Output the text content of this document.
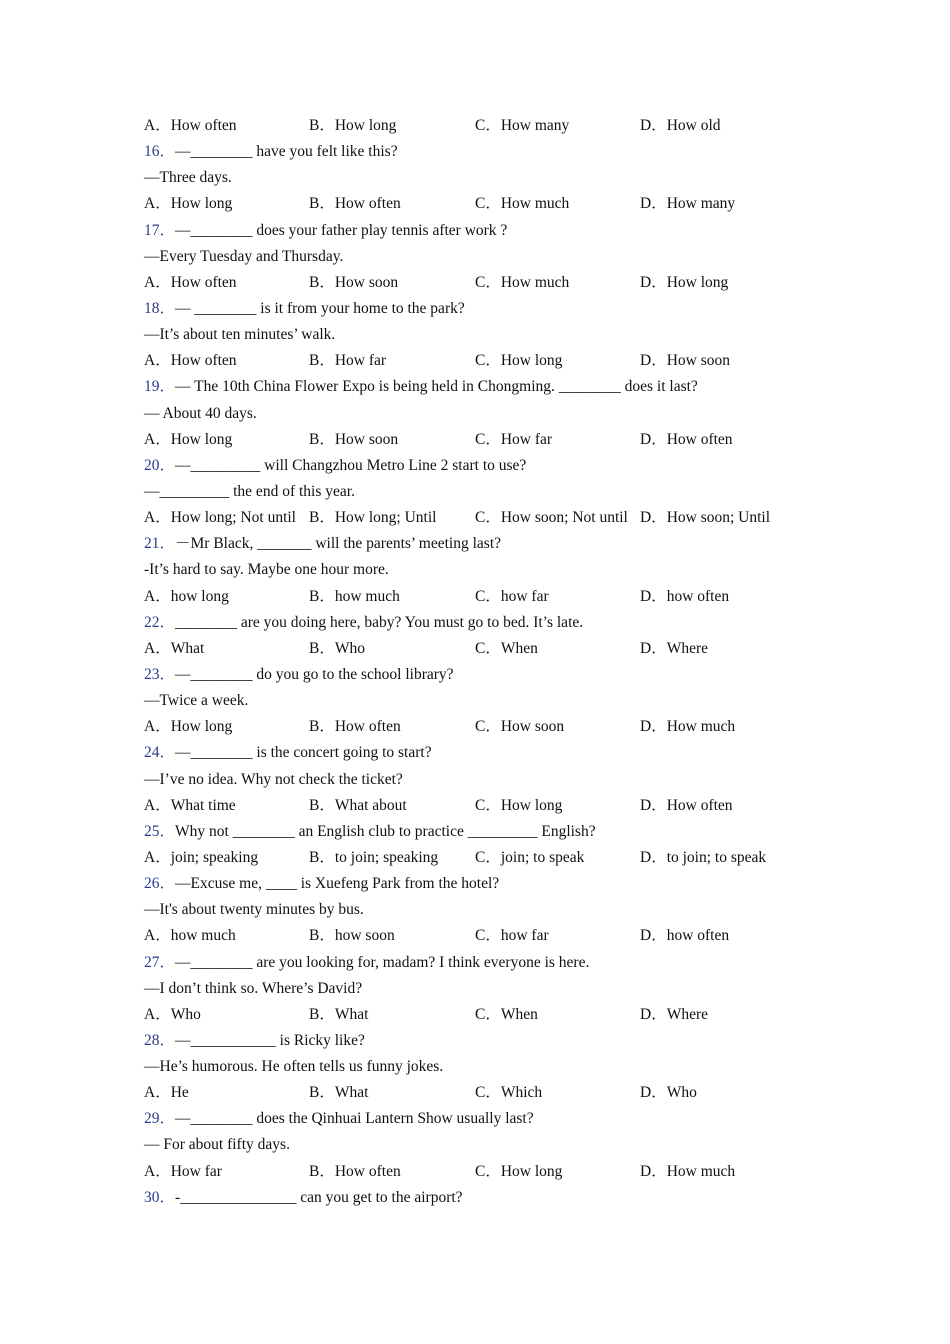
A．How often	B．How long	C．How many	D．How old
16．—________ have you felt like this?
—Three days.
A．How long	B．How often	C．How much	D．How many
17．—________ does your father play tennis after work ?
—Every Tuesday and Thursday.
A．How often	B．How soon	C．How much	D．How long
18．— ________ is it from your home to the park?
—It’s about ten minutes’ walk.
A．How often	B．How far	C．How long	D．How soon
19．— The 10th China Flower Expo is being held in Chongming. ________ does it last?
— About 40 days.
A．How long	B．How soon	C．How far	D．How often
20．—_________ will Changzhou Metro Line 2 start to use?
—_________ the end of this year.
A．How long; Not until B．How long; Until C．How soon; Not until D．How soon; Until
21．－Mr Black, _______ will the parents’ meeting last?
-It’s hard to say. Maybe one hour more.
A．how long	B．how much	C．how far	D．how often
22．________ are you doing here, baby? You must go to bed. It’s late.
A．What	B．Who	C．When	D．Where
23．—________ do you go to the school library?
—Twice a week.
A．How long	B．How often	C．How soon	D．How much
24．—________ is the concert going to start?
—I’ve no idea. Why not check the ticket?
A．What time	B．What about	C．How long	D．How often
25．Why not ________ an English club to practice _________ English?
A．join; speaking	B．to join; speaking C．join; to speak	D．to join; to speak
26．—Excuse me, ____ is Xuefeng Park from the hotel?
—It's about twenty minutes by bus.
A．how much	B．how soon	C．how far	D．how often
27．—________ are you looking for, madam? I think everyone is here.
—I don’t think so. Where’s David?
A．Who	B．What	C．When	D．Where
28．—___________ is Ricky like?
—He’s humorous. He often tells us funny jokes.
A．He	B．What	C．Which	D．Who
29．—________ does the Qinhuai Lantern Show usually last?
— For about fifty days.
A．How far	B．How often	C．How long	D．How much
30．-_______________ can you get to the airport?
